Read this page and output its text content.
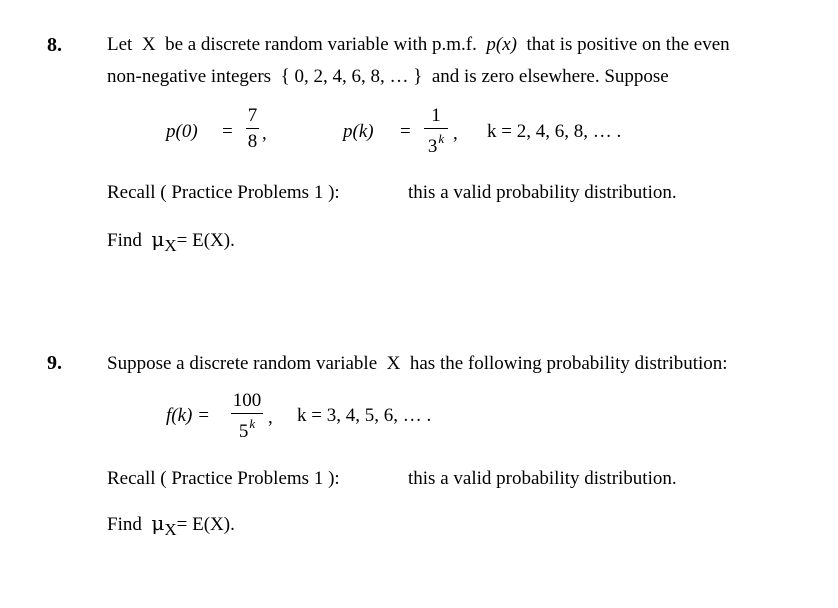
8. Let X be a discrete random variable with p.m.f. p(x) that is positive on the even
non-negative integers { 0, 2, 4, 6, 8, … } and is zero elsewhere. Suppose
p(0) =
7
8 ,	p(k) =
1
3$^k$ , k = 2, 4, 6, 8, … .
Recall ( Practice Problems 1 ):	this a valid probability distribution.
Find μX= E(X).
9. Suppose a discrete random variable X has the following probability distribution:
f(k) =
100
5$^k$ , k = 3, 4, 5, 6, … .
Recall ( Practice Problems 1 ):	this a valid probability distribution.
Find μX= E(X).
